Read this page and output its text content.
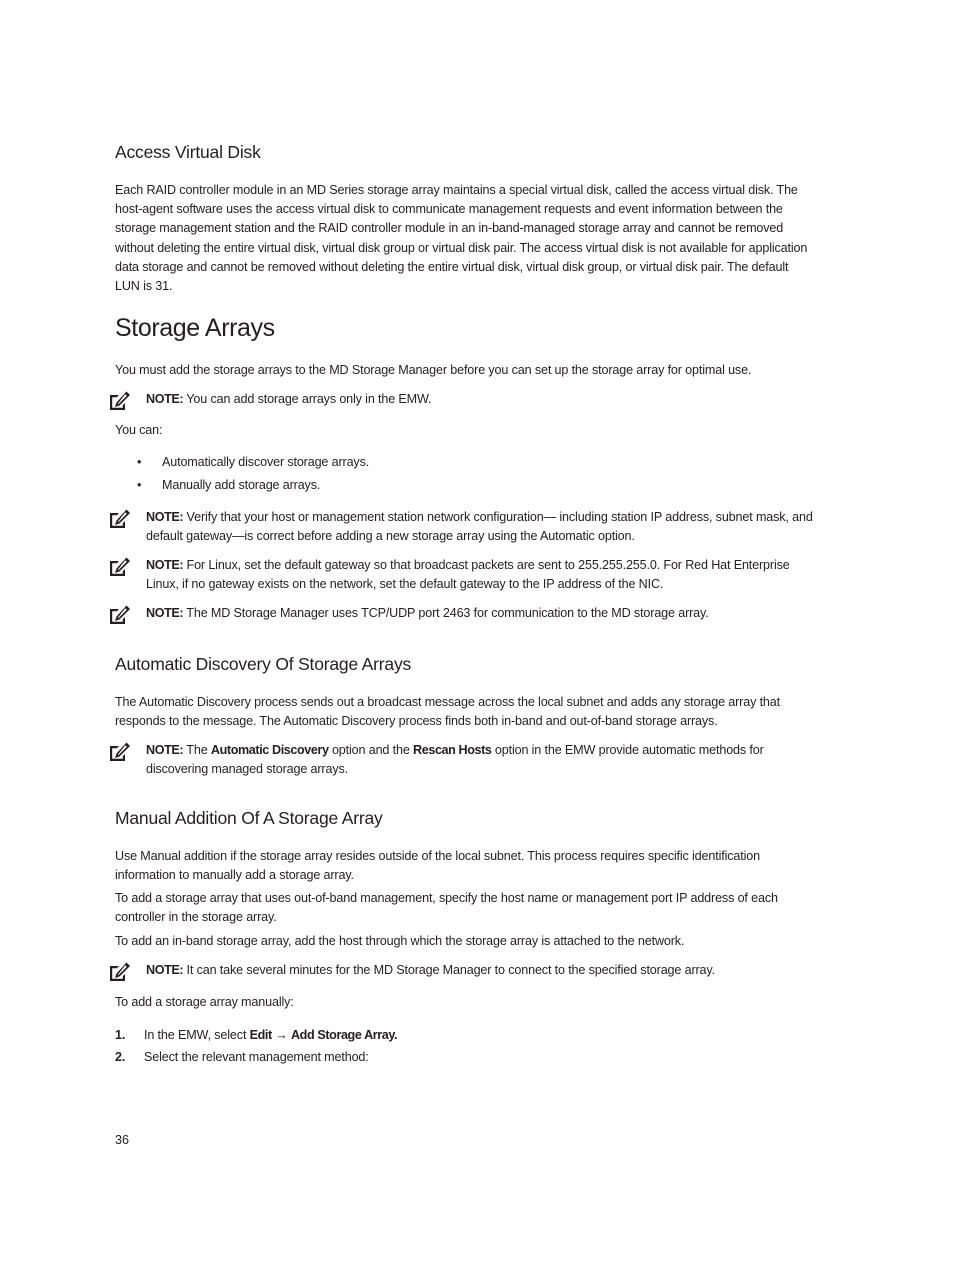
Access Virtual Disk

Each RAID controller module in an MD Series storage array maintains a special virtual disk, called the access virtual disk. The host-agent software uses the access virtual disk to communicate management requests and event information between the storage management station and the RAID controller module in an in-band-managed storage array and cannot be removed without deleting the entire virtual disk, virtual disk group or virtual disk pair. The access virtual disk is not available for application data storage and cannot be removed without deleting the entire virtual disk, virtual disk group, or virtual disk pair. The default LUN is 31.

Storage Arrays

You must add the storage arrays to the MD Storage Manager before you can set up the storage array for optimal use.

NOTE: You can add storage arrays only in the EMW.

You can:

• Automatically discover storage arrays.
• Manually add storage arrays.
NOTE: Verify that your host or management station network configuration— including station IP address, subnet mask, and default gateway—is correct before adding a new storage array using the Automatic option.
NOTE: For Linux, set the default gateway so that broadcast packets are sent to 255.255.255.0. For Red Hat Enterprise Linux, if no gateway exists on the network, set the default gateway to the IP address of the NIC.
NOTE: The MD Storage Manager uses TCP/UDP port 2463 for communication to the MD storage array.
Automatic Discovery Of Storage Arrays

The Automatic Discovery process sends out a broadcast message across the local subnet and adds any storage array that responds to the message. The Automatic Discovery process finds both in-band and out-of-band storage arrays.

NOTE: The Automatic Discovery option and the Rescan Hosts option in the EMW provide automatic methods for discovering managed storage arrays.
Manual Addition Of A Storage Array

Use Manual addition if the storage array resides outside of the local subnet. This process requires specific identification information to manually add a storage array.

To add a storage array that uses out-of-band management, specify the host name or management port IP address of each controller in the storage array.

To add an in-band storage array, add the host through which the storage array is attached to the network.

NOTE: It can take several minutes for the MD Storage Manager to connect to the specified storage array.

To add a storage array manually:

1. In the EMW, select Edit → Add Storage Array.
2. Select the relevant management method:
36
